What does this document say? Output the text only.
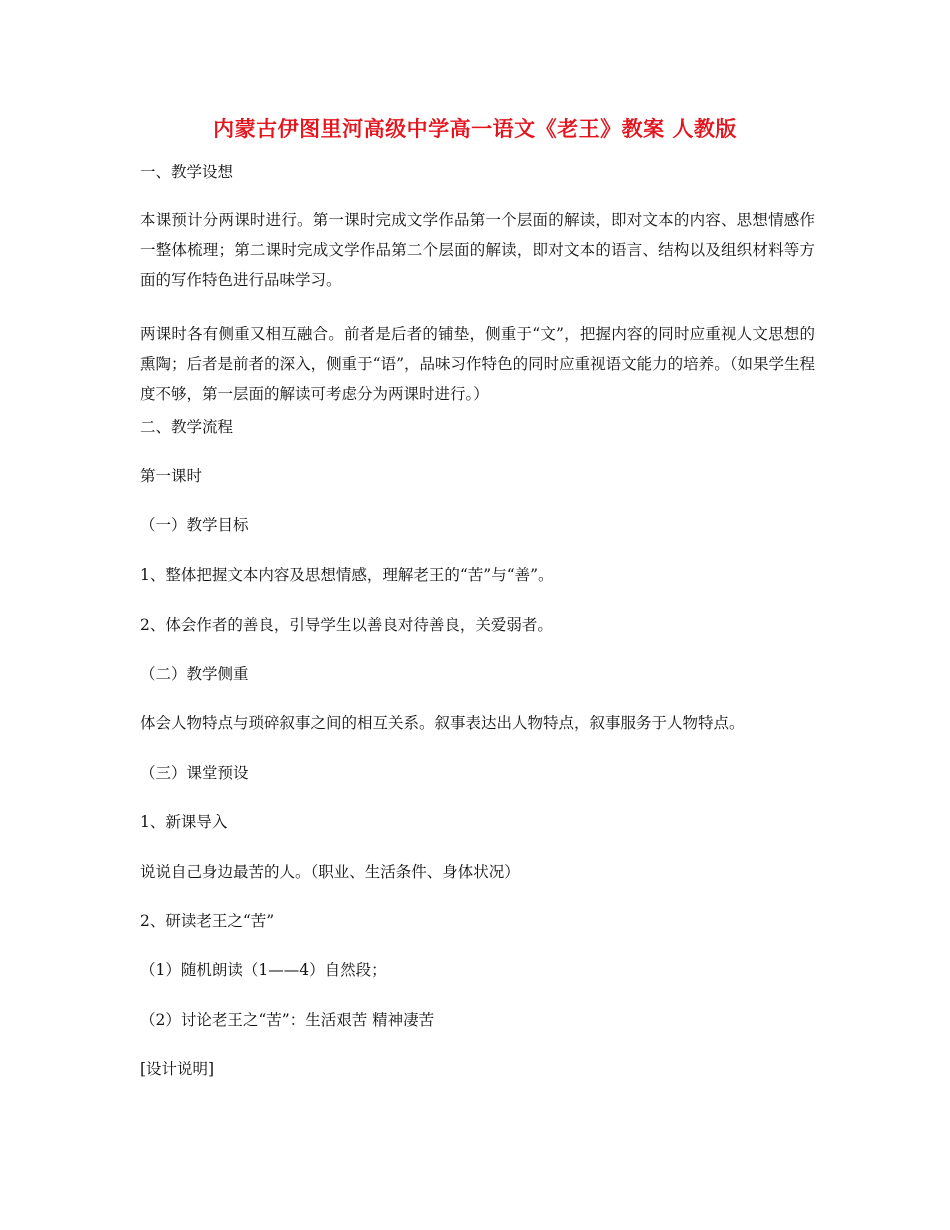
内蒙古伊图里河高级中学高一语文《老王》教案 人教版
一、教学设想
本课预计分两课时进行。第一课时完成文学作品第一个层面的解读，即对文本的内容、思想情感作一整体梳理；第二课时完成文学作品第二个层面的解读，即对文本的语言、结构以及组织材料等方面的写作特色进行品味学习。
两课时各有侧重又相互融合。前者是后者的铺垫，侧重于“文”，把握内容的同时应重视人文思想的熏陶；后者是前者的深入，侧重于“语”，品味习作特色的同时应重视语文能力的培养。（如果学生程度不够，第一层面的解读可考虑分为两课时进行。）
二、教学流程
第一课时
（一）教学目标
1、整体把握文本内容及思想情感，理解老王的“苦”与“善”。
2、体会作者的善良，引导学生以善良对待善良，关爱弱者。
（二）教学侧重
体会人物特点与琐碎叙事之间的相互关系。叙事表达出人物特点，叙事服务于人物特点。
（三）课堂预设
1、新课导入
说说自己身边最苦的人。（职业、生活条件、身体状况）
2、研读老王之“苦”
（1）随机朗读（1——4）自然段；
（2）讨论老王之“苦”：生活艰苦 精神凄苦
[设计说明]
